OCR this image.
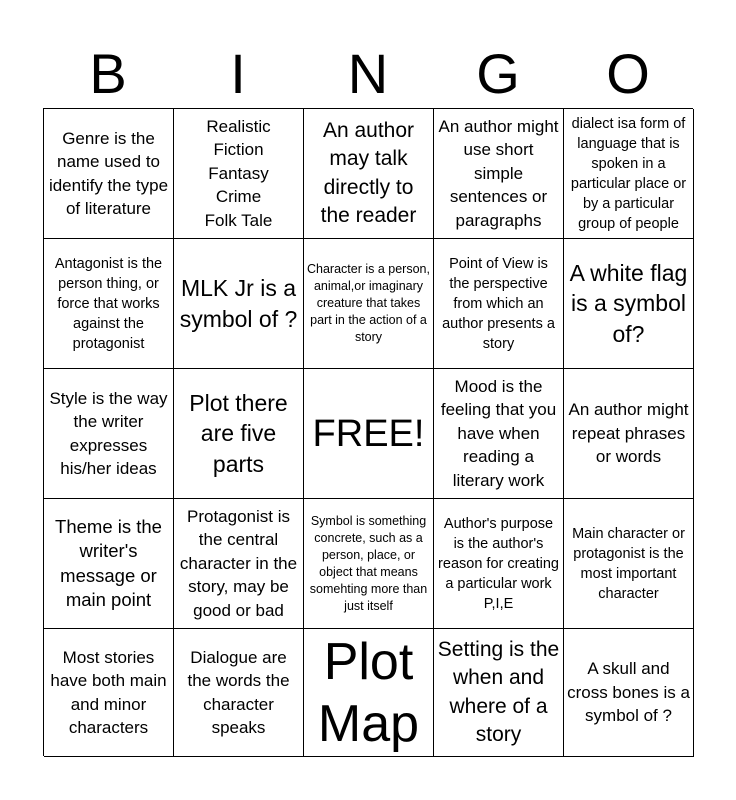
B	I	N	G	O
Genre is the name used to identify the type of literature
Realistic
Fiction
Fantasy
Crime
Folk Tale
An author may talk directly to the reader
An author might use short simple sentences or paragraphs
dialect isa form of language that is spoken in a particular place or by a particular group of people
Antagonist is the person thing, or force that works against the protagonist
MLK Jr is a symbol of ?
Character is a person, animal,or imaginary creature that takes part in the action of a story
Point of View is the perspective from which an author presents a story
A white flag is a symbol of?
Style is the way the writer expresses his/her ideas
Plot there are five parts
FREE!
Mood is the feeling that you have when reading a literary work
An author might repeat phrases or words
Theme is the writer's message or main point
Protagonist is the central character in the story, may be good or bad
Symbol is something concrete, such as a person, place, or object that means somehting more than just itself
Author's purpose is the author's reason for creating a particular work P,I,E
Main character or protagonist is the most important character
Most stories have both main and minor characters
Dialogue are the words the character speaks
Plot Map
Setting is the when and where of a story
A skull and cross bones is a symbol of ?
